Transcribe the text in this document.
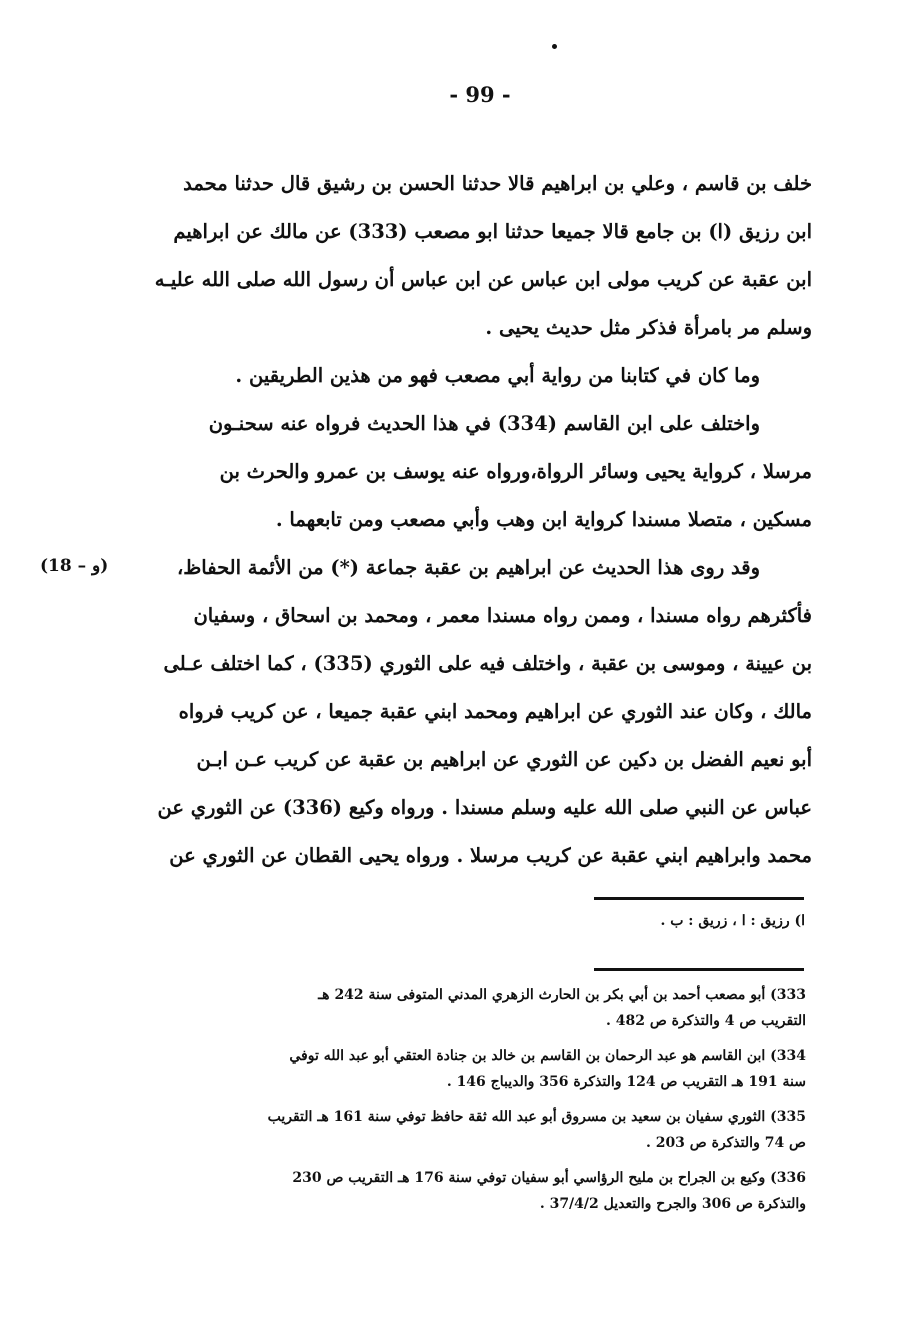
- 99 -
خلف بن قاسم ، وعلي بن ابراهيم قالا حدثنا الحسن بن رشيق قال حدثنا محمد
ابن رزيق (ا) بن جامع قالا جميعا حدثنا ابو مصعب (333) عن مالك عن ابراهيم
ابن عقبة عن كريب مولى ابن عباس عن ابن عباس أن رسول الله صلى الله عليـه
وسلم مر بامرأة فذكر مثل حديث يحيى .
وما كان في كتابنا من رواية أبي مصعب فهو من هذين الطريقين .
واختلف على ابن القاسم (334) في هذا الحديث فرواه عنه سحنـون
مرسلا ، كرواية يحيى وسائر الرواة،ورواه عنه يوسف بن عمرو والحرث بن
مسكين ، متصلا مسندا كرواية ابن وهب وأبي مصعب ومن تابعهما .
وقد روى هذا الحديث عن ابراهيم بن عقبة جماعة (*) من الأئمة الحفاظ،
فأكثرهم رواه مسندا ، وممن رواه مسندا معمر ، ومحمد بن اسحاق ، وسفيان
بن عيينة ، وموسى بن عقبة ، واختلف فيه على الثوري (335) ، كما اختلف عـلى
مالك ، وكان عند الثوري عن ابراهيم ومحمد ابني عقبة جميعا ، عن كريب فرواه
أبو نعيم الفضل بن دكين عن الثوري عن ابراهيم بن عقبة عن كريب عـن ابـن
عباس عن النبي صلى الله عليه وسلم مسندا . ورواه وكيع (336) عن الثوري عن
محمد وابراهيم ابني عقبة عن كريب مرسلا . ورواه يحيى القطان عن الثوري عن
(18 – و)
ا) رزيق : ا ، زريق : ب .
333) أبو مصعب أحمد بن أبي بكر بن الحارث الزهري المدني المتوفى سنة 242 هـ
التقريب ص 4 والتذكرة ص 482 .
334) ابن القاسم هو عبد الرحمان بن القاسم بن خالد بن جنادة العتقي أبو عبد الله توفي
سنة 191 هـ التقريب ص 124 والتذكرة 356 والديباج 146 .
335) الثوري سفيان بن سعيد بن مسروق أبو عبد الله ثقة حافظ توفي سنة 161 هـ التقريب
ص 74 والتذكرة ص 203 .
336) وكيع بن الجراح بن مليح الرؤاسي أبو سفيان توفي سنة 176 هـ التقريب ص 230
والتذكرة ص 306 والجرح والتعديل 37/4/2 .
